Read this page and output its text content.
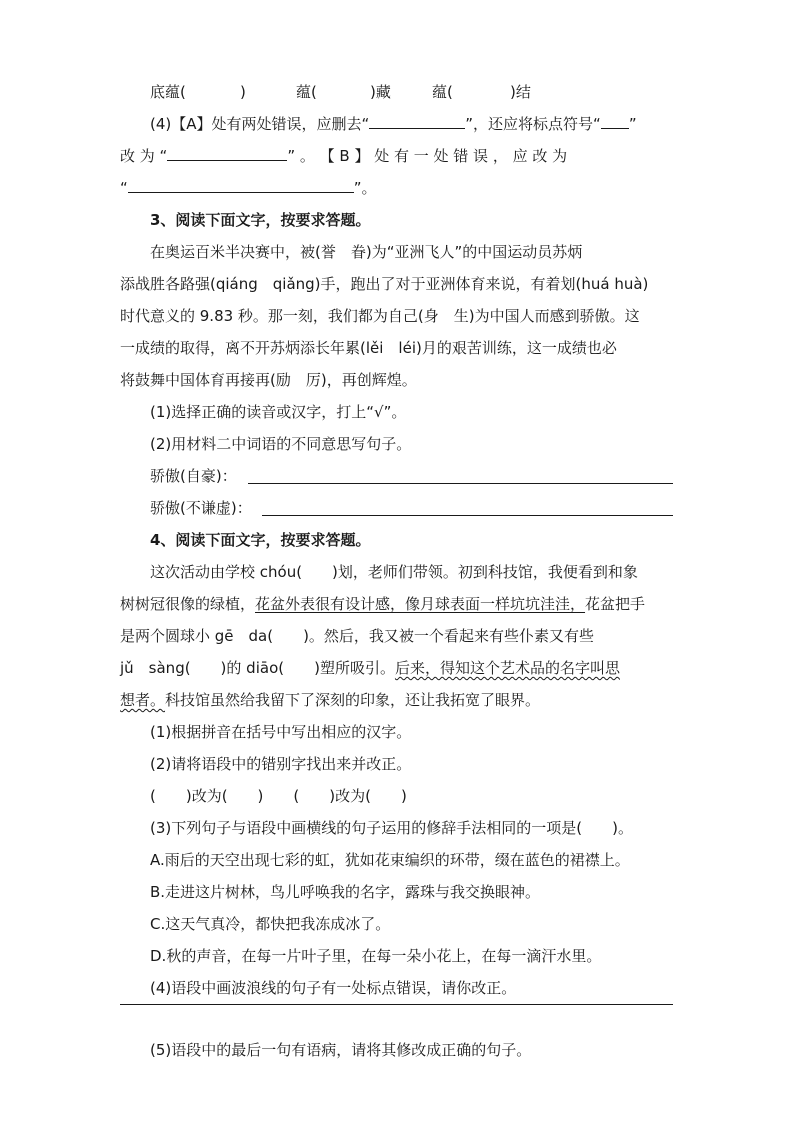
底蕴(	)	蕴(	)藏	蕴(	)结
(4)【A】处有两处错误，应删去“	”，还应将标点符号“ ”
改 为 “	” 。 【 B 】 处 有 一 处 错 误 ， 应 改 为
“	”。
3、阅读下面文字，按要求答题。
在奥运百米半决赛中，被(誉　眷)为“亚洲飞人”的中国运动员苏炳
添战胜各路强(qiáng　qiǎng)手，跑出了对于亚洲体育来说，有着划(huá huà)
时代意义的 9.83 秒。那一刻，我们都为自己(身　生)为中国人而感到骄傲。这
一成绩的取得，离不开苏炳添长年累(lěi　léi)月的艰苦训练，这一成绩也必
将鼓舞中国体育再接再(励　厉)，再创辉煌。
(1)选择正确的读音或汉字，打上“√”。
(2)用材料二中词语的不同意思写句子。
骄傲(自豪)：
骄傲(不谦虚)：
4、阅读下面文字，按要求答题。
这次活动由学校 chóu(　　)划，老师们带领。初到科技馆，我便看到和象
树树冠很像的绿植，花盆外表很有设计感，像月球表面一样坑坑洼洼，花盆把手
是两个圆球小 gē　da(　　)。然后，我又被一个看起来有些仆素又有些
jǔ　sàng(　　)的 diāo(　　)塑所吸引。后来，得知这个艺术品的名字叫思
想者。科技馆虽然给我留下了深刻的印象，还让我拓宽了眼界。
(1)根据拼音在括号中写出相应的汉字。
(2)请将语段中的错别字找出来并改正。
(　　)改为(　　)　　(　　)改为(　　)
(3)下列句子与语段中画横线的句子运用的修辞手法相同的一项是(　　)。
A.雨后的天空出现七彩的虹，犹如花束编织的环带，缀在蓝色的裙襟上。
B.走进这片树林，鸟儿呼唤我的名字，露珠与我交换眼神。
C.这天气真冷，都快把我冻成冰了。
D.秋的声音，在每一片叶子里，在每一朵小花上，在每一滴汗水里。
(4)语段中画波浪线的句子有一处标点错误，请你改正。
(5)语段中的最后一句有语病，请将其修改成正确的句子。
